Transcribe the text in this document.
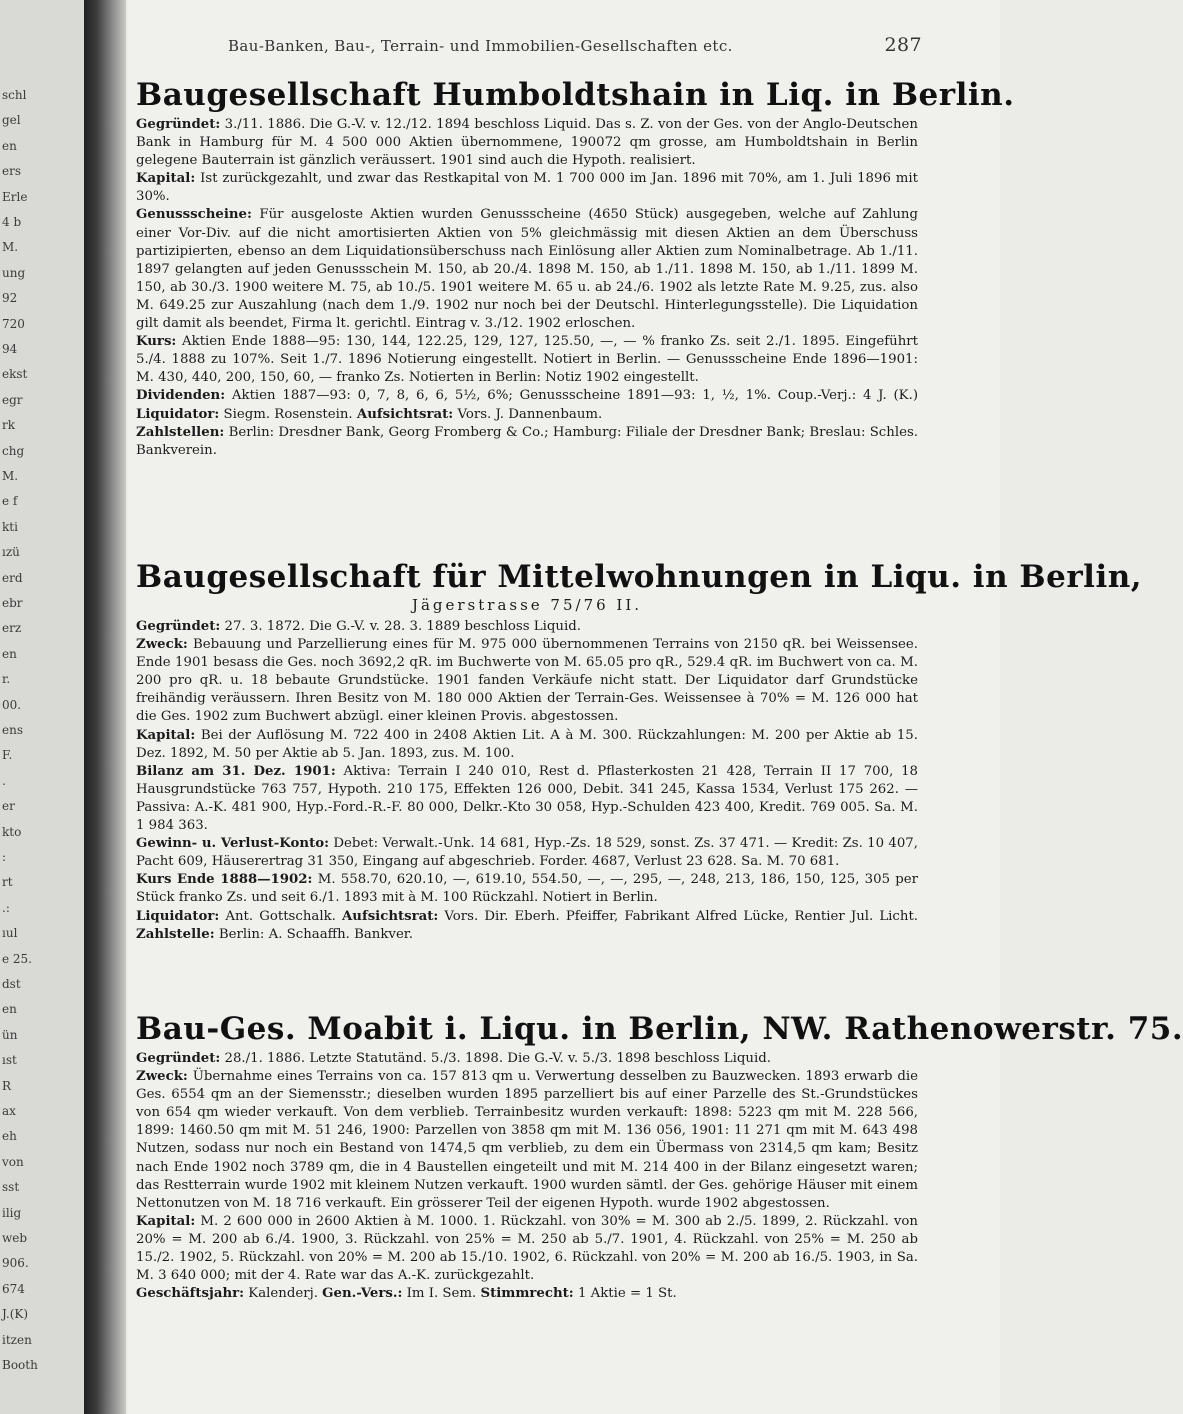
schl
gel
en
ers
Erle
4 b
M.
ung
92
720
94
ekst
egr
rk
chg
M.
e f
kti
ızü
erd
ebr
erz
en
r.
00.
ens
F.
.
er
kto
:
rt
.:
ıul
e 25.
dst
en
ün
ıst
R
ax
eh
von
sst
ilig
web
906.
674
J.(K)
itzen
Booth
Bau-Banken, Bau-, Terrain- und Immobilien-Gesellschaften etc.	287
Baugesellschaft Humboldtshain in Liq. in Berlin.

Gegründet: 3./11. 1886. Die G.-V. v. 12./12. 1894 beschloss Liquid. Das s. Z. von der Ges. von der Anglo-Deutschen Bank in Hamburg für M. 4 500 000 Aktien übernommene, 190072 qm grosse, am Humboldtshain in Berlin gelegene Bauterrain ist gänzlich veräussert. 1901 sind auch die Hypoth. realisiert.

Kapital: Ist zurückgezahlt, und zwar das Restkapital von M. 1 700 000 im Jan. 1896 mit 70%, am 1. Juli 1896 mit 30%.

Genussscheine: Für ausgeloste Aktien wurden Genussscheine (4650 Stück) ausgegeben, welche auf Zahlung einer Vor-Div. auf die nicht amortisierten Aktien von 5% gleichmässig mit diesen Aktien an dem Überschuss partizipierten, ebenso an dem Liquidationsüberschuss nach Einlösung aller Aktien zum Nominalbetrage. Ab 1./11. 1897 gelangten auf jeden Genussschein M. 150, ab 20./4. 1898 M. 150, ab 1./11. 1898 M. 150, ab 1./11. 1899 M. 150, ab 30./3. 1900 weitere M. 75, ab 10./5. 1901 weitere M. 65 u. ab 24./6. 1902 als letzte Rate M. 9.25, zus. also M. 649.25 zur Auszahlung (nach dem 1./9. 1902 nur noch bei der Deutschl. Hinterlegungsstelle). Die Liquidation gilt damit als beendet, Firma lt. gerichtl. Eintrag v. 3./12. 1902 erloschen.

Kurs: Aktien Ende 1888—95: 130, 144, 122.25, 129, 127, 125.50, —, — % franko Zs. seit 2./1. 1895. Eingeführt 5./4. 1888 zu 107%. Seit 1./7. 1896 Notierung eingestellt. Notiert in Berlin. — Genussscheine Ende 1896—1901: M. 430, 440, 200, 150, 60, — franko Zs. Notierten in Berlin: Notiz 1902 eingestellt.

Dividenden: Aktien 1887—93: 0, 7, 8, 6, 6, 5½, 6%; Genussscheine 1891—93: 1, ½, 1%. Coup.-Verj.: 4 J. (K.) Liquidator: Siegm. Rosenstein. Aufsichtsrat: Vors. J. Dannenbaum.

Zahlstellen: Berlin: Dresdner Bank, Georg Fromberg & Co.; Hamburg: Filiale der Dresdner Bank; Breslau: Schles. Bankverein.

Baugesellschaft für Mittelwohnungen in Liqu. in Berlin,
Jägerstrasse 75/76 II.

Gegründet: 27. 3. 1872. Die G.-V. v. 28. 3. 1889 beschloss Liquid.

Zweck: Bebauung und Parzellierung eines für M. 975 000 übernommenen Terrains von 2150 qR. bei Weissensee. Ende 1901 besass die Ges. noch 3692,2 qR. im Buchwerte von M. 65.05 pro qR., 529.4 qR. im Buchwert von ca. M. 200 pro qR. u. 18 bebaute Grundstücke. 1901 fanden Verkäufe nicht statt. Der Liquidator darf Grundstücke freihändig veräussern. Ihren Besitz von M. 180 000 Aktien der Terrain-Ges. Weissensee à 70% = M. 126 000 hat die Ges. 1902 zum Buchwert abzügl. einer kleinen Provis. abgestossen.

Kapital: Bei der Auflösung M. 722 400 in 2408 Aktien Lit. A à M. 300. Rückzahlungen: M. 200 per Aktie ab 15. Dez. 1892, M. 50 per Aktie ab 5. Jan. 1893, zus. M. 100.

Bilanz am 31. Dez. 1901: Aktiva: Terrain I 240 010, Rest d. Pflasterkosten 21 428, Terrain II 17 700, 18 Hausgrundstücke 763 757, Hypoth. 210 175, Effekten 126 000, Debit. 341 245, Kassa 1534, Verlust 175 262. — Passiva: A.-K. 481 900, Hyp.-Ford.-R.-F. 80 000, Delkr.-Kto 30 058, Hyp.-Schulden 423 400, Kredit. 769 005. Sa. M. 1 984 363.

Gewinn- u. Verlust-Konto: Debet: Verwalt.-Unk. 14 681, Hyp.-Zs. 18 529, sonst. Zs. 37 471. — Kredit: Zs. 10 407, Pacht 609, Häuserertrag 31 350, Eingang auf abgeschrieb. Forder. 4687, Verlust 23 628. Sa. M. 70 681.

Kurs Ende 1888—1902: M. 558.70, 620.10, —, 619.10, 554.50, —, —, 295, —, 248, 213, 186, 150, 125, 305 per Stück franko Zs. und seit 6./1. 1893 mit à M. 100 Rückzahl. Notiert in Berlin.

Liquidator: Ant. Gottschalk. Aufsichtsrat: Vors. Dir. Eberh. Pfeiffer, Fabrikant Alfred Lücke, Rentier Jul. Licht. Zahlstelle: Berlin: A. Schaaffh. Bankver.

Bau-Ges. Moabit i. Liqu. in Berlin, NW. Rathenowerstr. 75.

Gegründet: 28./1. 1886. Letzte Statutänd. 5./3. 1898. Die G.-V. v. 5./3. 1898 beschloss Liquid.

Zweck: Übernahme eines Terrains von ca. 157 813 qm u. Verwertung desselben zu Bauzwecken. 1893 erwarb die Ges. 6554 qm an der Siemensstr.; dieselben wurden 1895 parzelliert bis auf einer Parzelle des St.-Grundstückes von 654 qm wieder verkauft. Von dem verblieb. Terrainbesitz wurden verkauft: 1898: 5223 qm mit M. 228 566, 1899: 1460.50 qm mit M. 51 246, 1900: Parzellen von 3858 qm mit M. 136 056, 1901: 11 271 qm mit M. 643 498 Nutzen, sodass nur noch ein Bestand von 1474,5 qm verblieb, zu dem ein Übermass von 2314,5 qm kam; Besitz nach Ende 1902 noch 3789 qm, die in 4 Baustellen eingeteilt und mit M. 214 400 in der Bilanz eingesetzt waren; das Restterrain wurde 1902 mit kleinem Nutzen verkauft. 1900 wurden sämtl. der Ges. gehörige Häuser mit einem Nettonutzen von M. 18 716 verkauft. Ein grösserer Teil der eigenen Hypoth. wurde 1902 abgestossen.

Kapital: M. 2 600 000 in 2600 Aktien à M. 1000. 1. Rückzahl. von 30% = M. 300 ab 2./5. 1899, 2. Rückzahl. von 20% = M. 200 ab 6./4. 1900, 3. Rückzahl. von 25% = M. 250 ab 5./7. 1901, 4. Rückzahl. von 25% = M. 250 ab 15./2. 1902, 5. Rückzahl. von 20% = M. 200 ab 15./10. 1902, 6. Rückzahl. von 20% = M. 200 ab 16./5. 1903, in Sa. M. 3 640 000; mit der 4. Rate war das A.-K. zurückgezahlt.

Geschäftsjahr: Kalenderj. Gen.-Vers.: Im I. Sem. Stimmrecht: 1 Aktie = 1 St.
